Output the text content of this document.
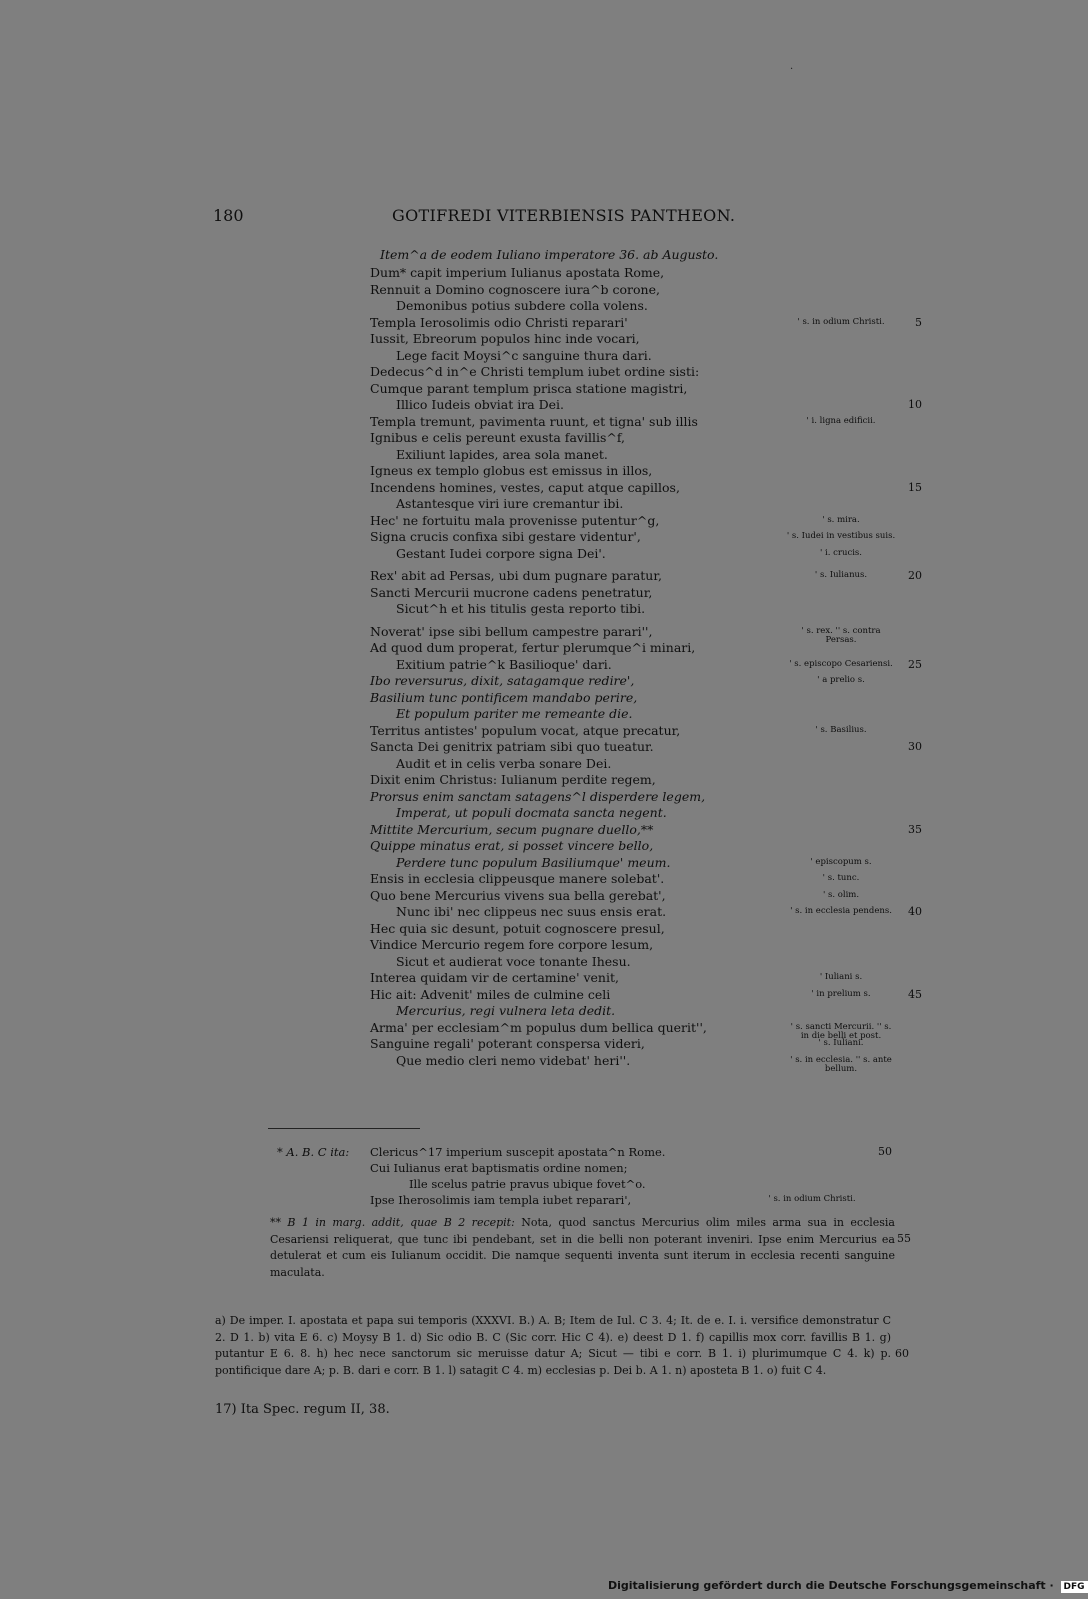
·
180	GOTIFREDI VITERBIENSIS PANTHEON.
Item^a de eodem Iuliano imperatore 36. ab Augusto.
Dum* capit imperium Iulianus apostata Rome,
Rennuit a Domino cognoscere iura^b corone,
Demonibus potius subdere colla volens.
Templa Ierosolimis odio Christi reparari'	' s. in odium Christi.	5
Iussit, Ebreorum populos hinc inde vocari,
Lege facit Moysi^c sanguine thura dari.
Dedecus^d in^e Christi templum iubet ordine sisti:
Cumque parant templum prisca statione magistri,
Illico Iudeis obviat ira Dei.	10
Templa tremunt, pavimenta ruunt, et tigna' sub illis	' i. ligna edificii.
Ignibus e celis pereunt exusta favillis^f,
Exiliunt lapides, area sola manet.
Igneus ex templo globus est emissus in illos,
Incendens homines, vestes, caput atque capillos,	15
Astantesque viri iure cremantur ibi.
Hec' ne fortuitu mala provenisse putentur^g,	' s. mira.
Signa crucis confixa sibi gestare videntur',	' s. Iudei in vestibus suis.
Gestant Iudei corpore signa Dei'.	' i. crucis.
Rex' abit ad Persas, ubi dum pugnare paratur,	' s. Iulianus.	20
Sancti Mercurii mucrone cadens penetratur,
Sicut^h et his titulis gesta reporto tibi.
Noverat' ipse sibi bellum campestre parari'',	' s. rex. '' s. contra Persas.
Ad quod dum properat, fertur plerumque^i minari,
Exitium patrie^k Basilioque' dari.	' s. episcopo Cesariensi.	25
Ibo reversurus, dixit, satagamque redire',	' a prelio s.
Basilium tunc pontificem mandabo perire,
Et populum pariter me remeante die.
Territus antistes' populum vocat, atque precatur,	' s. Basilius.
Sancta Dei genitrix patriam sibi quo tueatur.	30
Audit et in celis verba sonare Dei.
Dixit enim Christus: Iulianum perdite regem,
Prorsus enim sanctam satagens^l disperdere legem,
Imperat, ut populi docmata sancta negent.
Mittite Mercurium, secum pugnare duello,**	35
Quippe minatus erat, si posset vincere bello,
Perdere tunc populum Basiliumque' meum.	' episcopum s.
Ensis in ecclesia clippeusque manere solebat'.	' s. tunc.
Quo bene Mercurius vivens sua bella gerebat',	' s. olim.
Nunc ibi' nec clippeus nec suus ensis erat.	' s. in ecclesia pendens.	40
Hec quia sic desunt, potuit cognoscere presul,
Vindice Mercurio regem fore corpore lesum,
Sicut et audierat voce tonante Ihesu.
Interea quidam vir de certamine' venit,	' Iuliani s.
Hic ait: Advenit' miles de culmine celi	' in prelium s.	45
Mercurius, regi vulnera leta dedit.
Arma' per ecclesiam^m populus dum bellica querit'',	' s. sancti Mercurii. '' s. in die belli et post.
Sanguine regali' poterant conspersa videri,	' s. Iuliani.
Que medio cleri nemo videbat' heri''.	' s. in ecclesia. '' s. ante bellum.
* A. B. C ita: Clericus^17 imperium suscepit apostata^n Rome.	50
Cui Iulianus erat baptismatis ordine nomen;
Ille scelus patrie pravus ubique fovet^o.
Ipse Iherosolimis iam templa iubet reparari',	' s. in odium Christi.
** B 1 in marg. addit, quae B 2 recepit: Nota, quod sanctus Mercurius olim miles arma sua in ecclesia Cesariensi reliquerat, que tunc ibi pendebant, set in die belli non poterant inveniri. Ipse enim Mercurius ea detulerat et cum eis Iulianum occidit. Die namque sequenti inventa sunt iterum in ecclesia recenti sanguine maculata.
55
a) De imper. I. apostata et papa sui temporis (XXXVI. B.) A. B; Item de Iul. C 3. 4; It. de e. I. i. versifice demonstratur C 2. D 1. b) vita E 6. c) Moysy B 1. d) Sic odio B. C (Sic corr. Hic C 4). e) deest D 1. f) capillis mox corr. favillis B 1. g) putantur E 6. 8. h) hec nece sanctorum sic meruisse datur A; Sicut — tibi e corr. B 1. i) plurimumque C 4. k) p. pontificique dare A; p. B. dari e corr. B 1. l) satagit C 4. m) ecclesias p. Dei b. A 1. n) aposteta B 1. o) fuit C 4.
60
17) Ita Spec. regum II, 38.
Digitalisierung gefördert durch die Deutsche Forschungsgemeinschaft · DFG
